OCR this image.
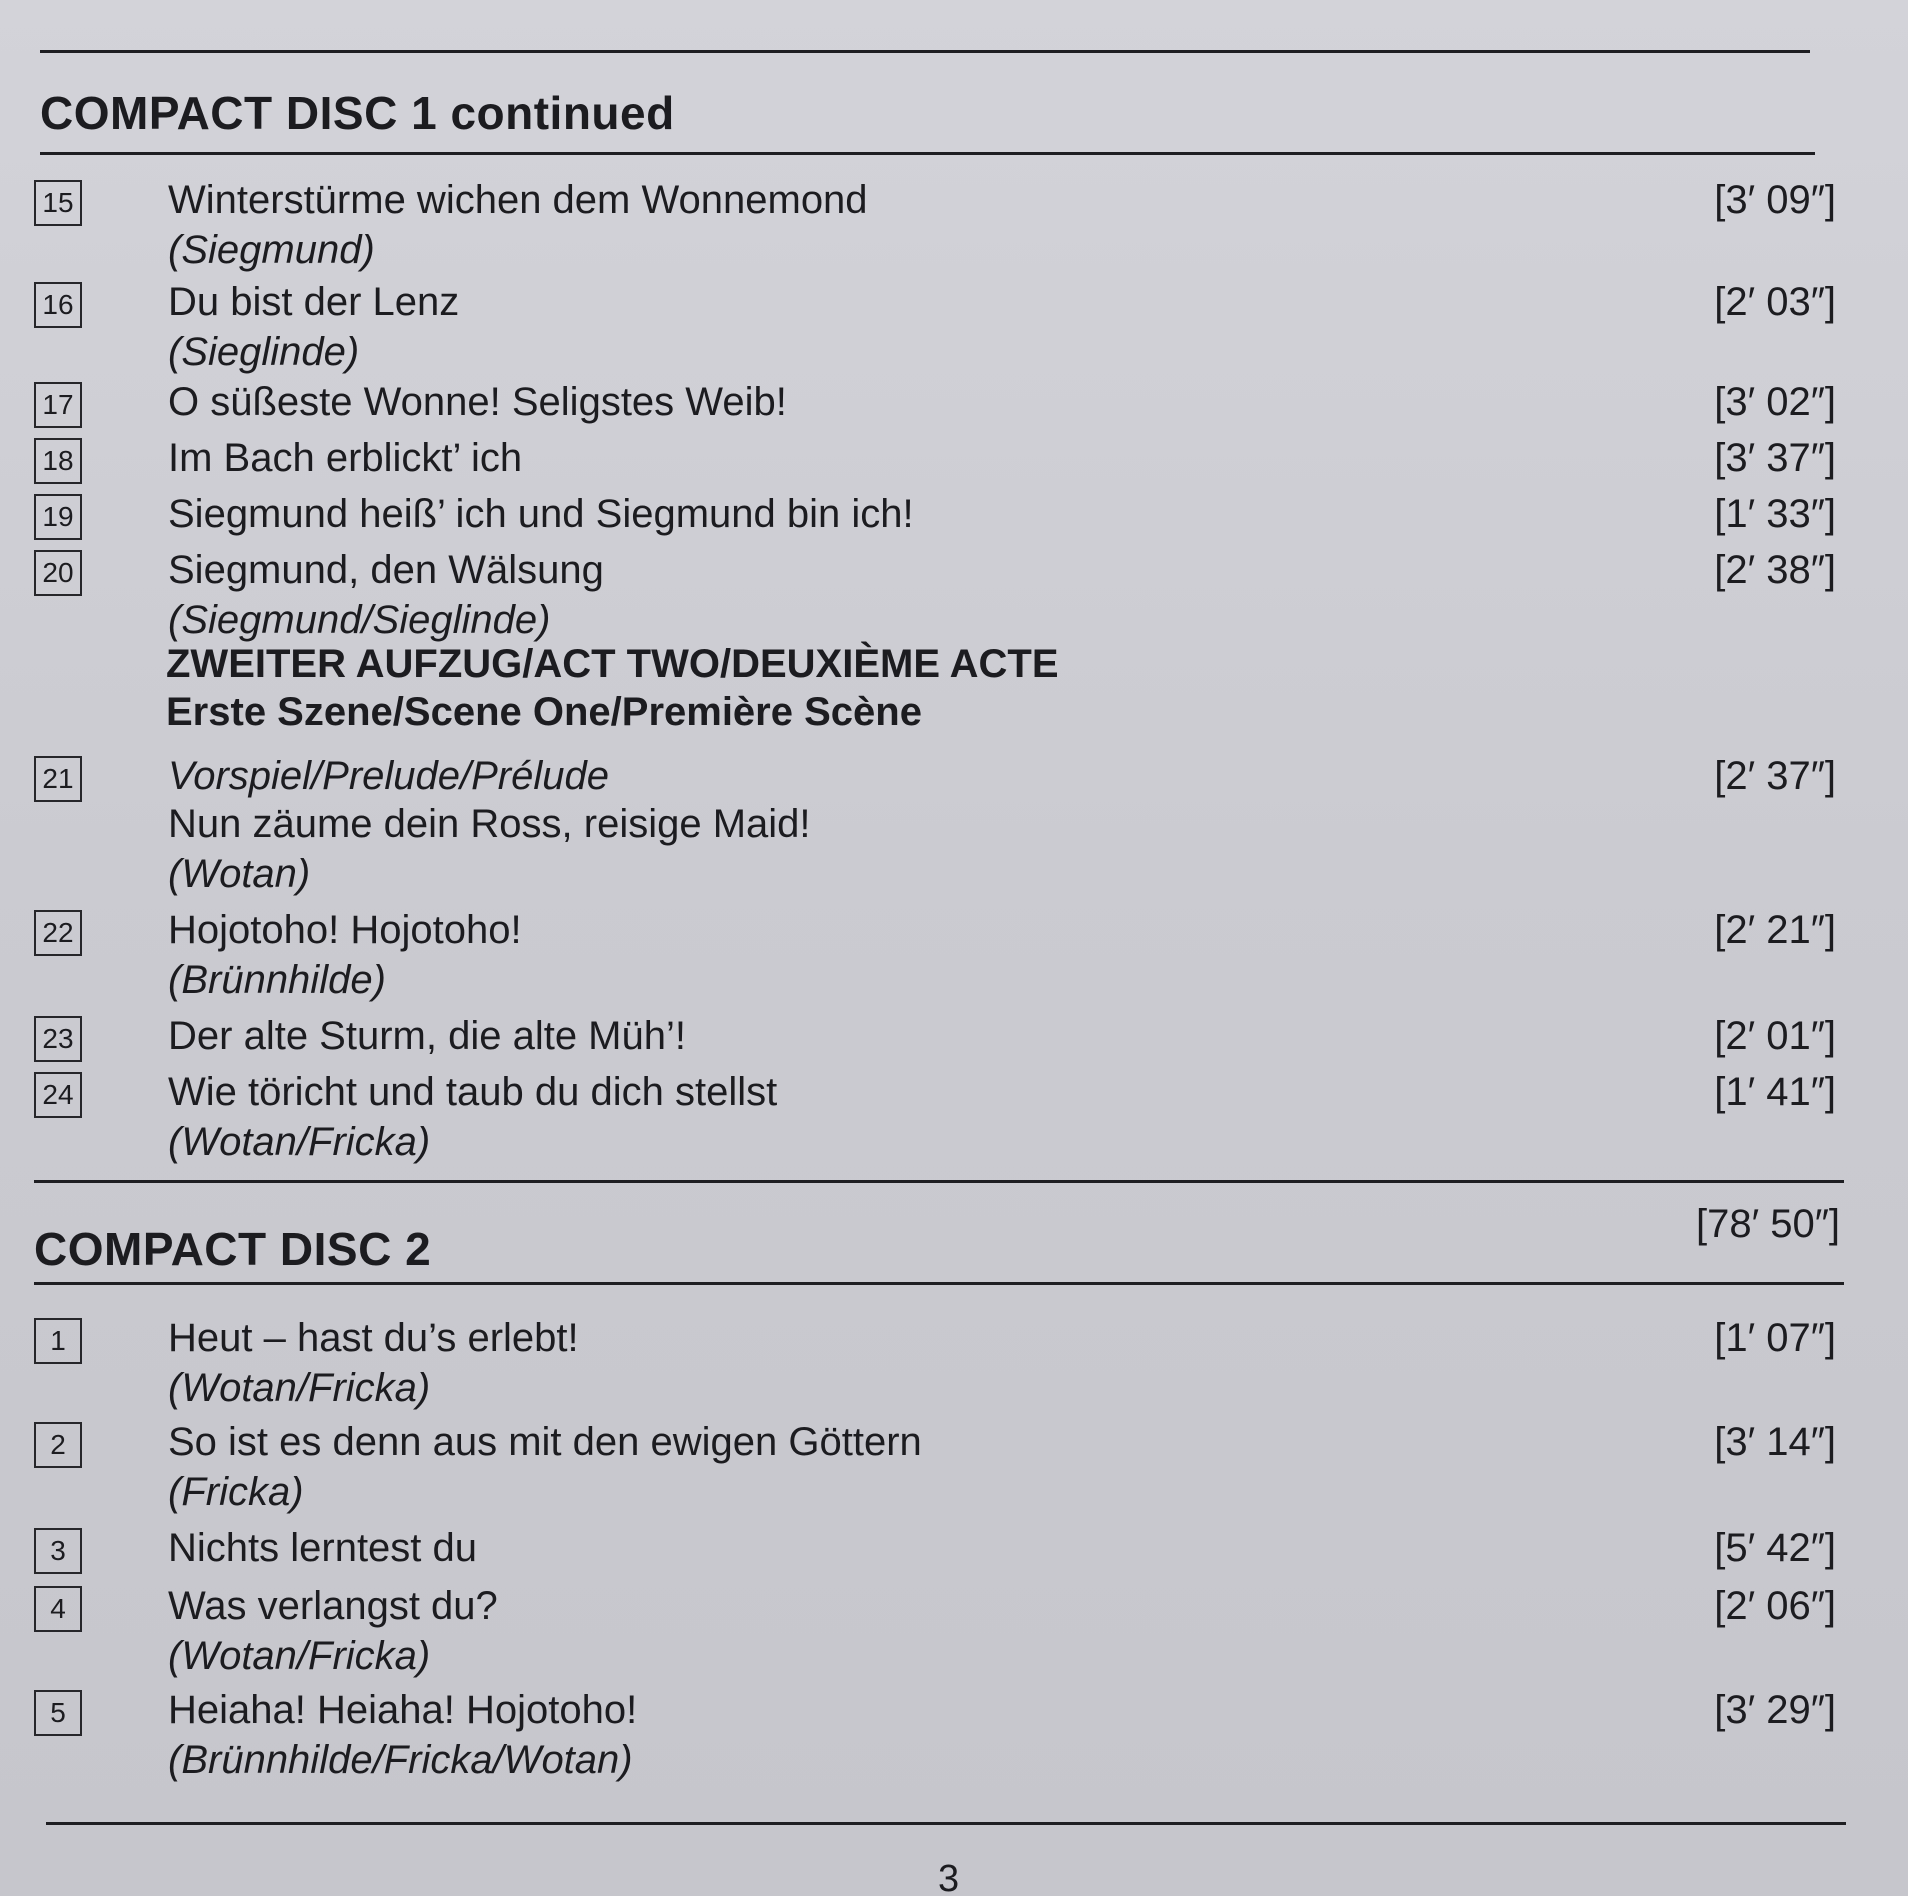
COMPACT DISC 1 continued
15 Winterstürme wichen dem Wonnemond
(Siegmund)
[3′ 09″]
16 Du bist der Lenz
(Sieglinde)
[2′ 03″]
17 O süßeste Wonne! Seligstes Weib!	[3′ 02″]
18 Im Bach erblickt’ ich	[3′ 37″]
19 Siegmund heiß’ ich und Siegmund bin ich!	[1′ 33″]
20 Siegmund, den Wälsung
(Siegmund/Sieglinde)
[2′ 38″]
ZWEITER AUFZUG/ACT TWO/DEUXIÈME ACTE
Erste Szene/Scene One/Première Scène
21 Vorspiel/Prelude/Prélude
Nun zäume dein Ross, reisige Maid!
(Wotan)
[2′ 37″]
22 Hojotoho! Hojotoho!
(Brünnhilde)
[2′ 21″]
23 Der alte Sturm, die alte Müh’!	[2′ 01″]
24 Wie töricht und taub du dich stellst
(Wotan/Fricka)
[1′ 41″]
COMPACT DISC 2	[78′ 50″]
1	Heut – hast du’s erlebt!
(Wotan/Fricka)
[1′ 07″]
2	So ist es denn aus mit den ewigen Göttern
(Fricka)
[3′ 14″]
3	Nichts lerntest du	[5′ 42″]
4	Was verlangst du?
(Wotan/Fricka)
[2′ 06″]
5	Heiaha! Heiaha! Hojotoho!
(Brünnhilde/Fricka/Wotan)
[3′ 29″]
3
